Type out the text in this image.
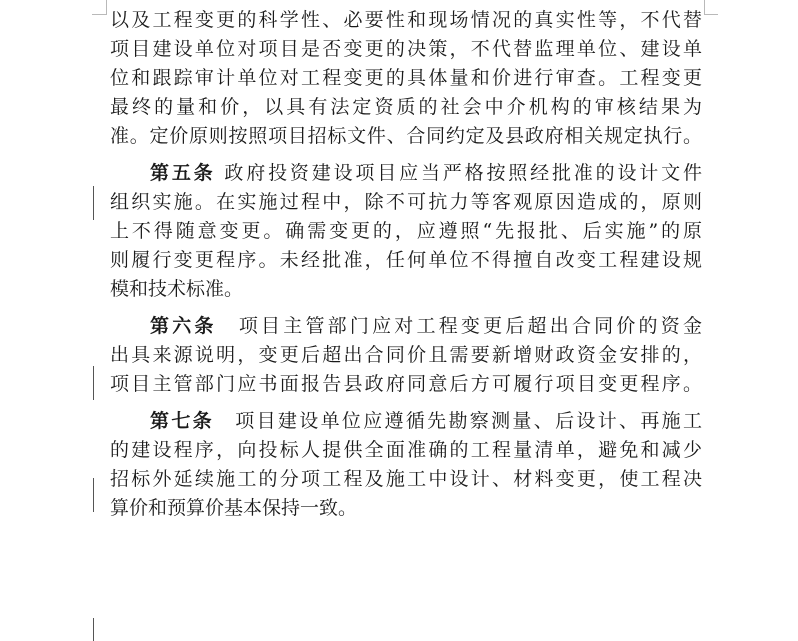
以及工程变更的科学性、必要性和现场情况的真实性等，不代替
项目建设单位对项目是否变更的决策，不代替监理单位、建设单
位和跟踪审计单位对工程变更的具体量和价进行审查。工程变更
最终的量和价，以具有法定资质的社会中介机构的审核结果为
准。定价原则按照项目招标文件、合同约定及县政府相关规定执行。
第五条 政府投资建设项目应当严格按照经批准的设计文件
组织实施。在实施过程中，除不可抗力等客观原因造成的，原则
上不得随意变更。确需变更的，应遵照“先报批、后实施”的原
则履行变更程序。未经批准，任何单位不得擅自改变工程建设规
模和技术标准。
第六条　 项目主管部门应对工程变更后超出合同价的资金
出具来源说明，变更后超出合同价且需要新增财政资金安排的，
项目主管部门应书面报告县政府同意后方可履行项目变更程序。
第七条　 项目建设单位应遵循先勘察测量、后设计、再施工
的建设程序，向投标人提供全面准确的工程量清单，避免和减少
招标外延续施工的分项工程及施工中设计、材料变更，使工程决
算价和预算价基本保持一致。
